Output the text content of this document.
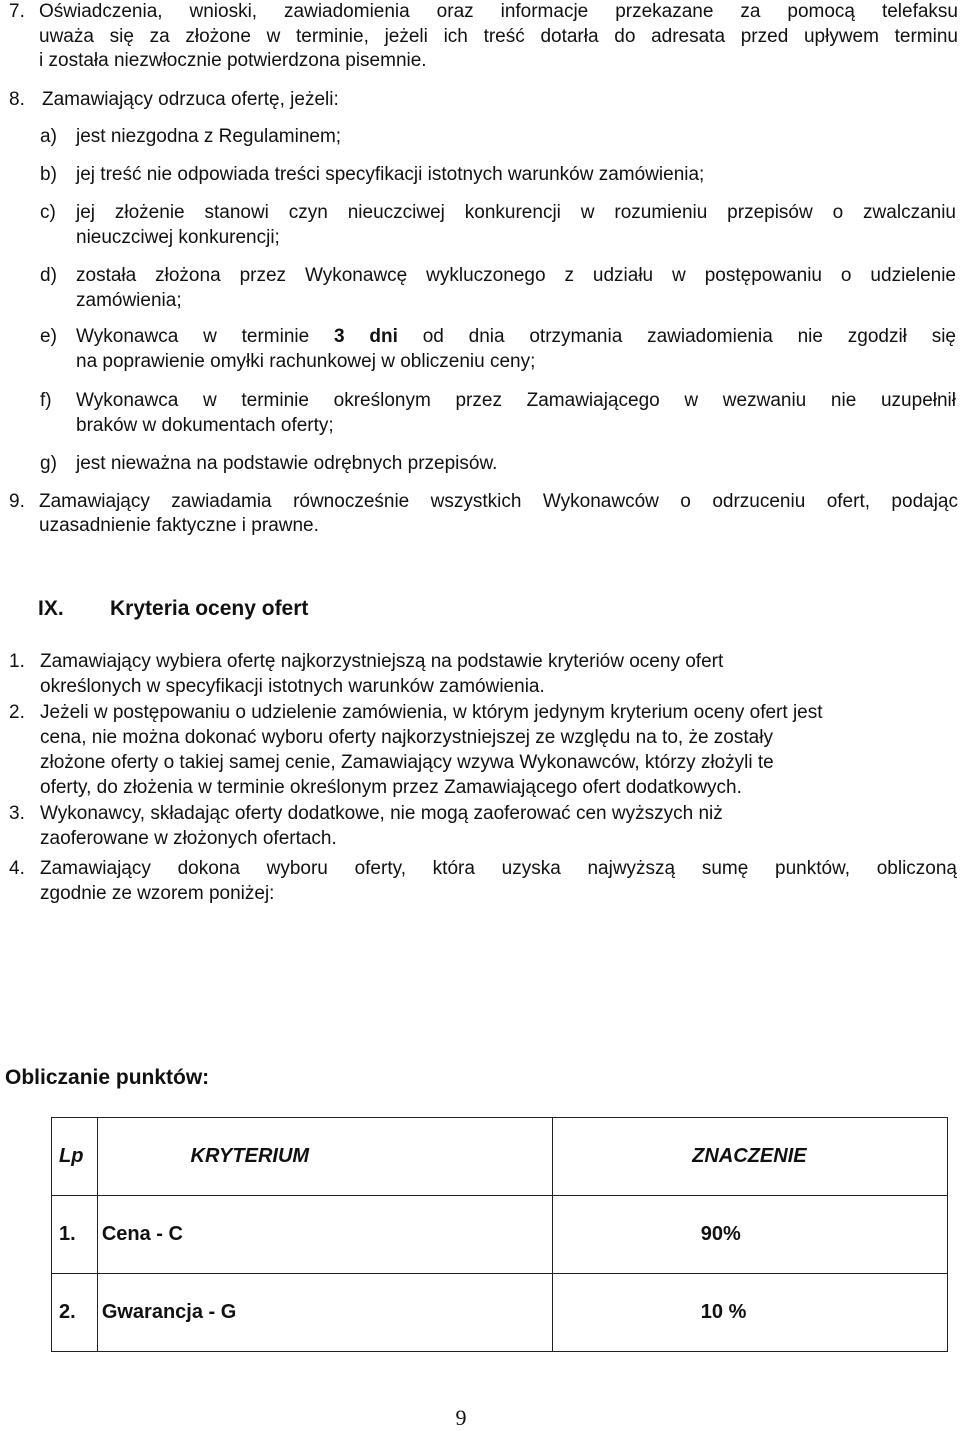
7. Oświadczenia, wnioski, zawiadomienia oraz informacje przekazane za pomocą telefaksu
uważa się za złożone w terminie, jeżeli ich treść dotarła do adresata przed upływem terminu
i została niezwłocznie potwierdzona pisemnie.
8. Zamawiający odrzuca ofertę, jeżeli:
a) jest niezgodna z Regulaminem;
b) jej treść nie odpowiada treści specyfikacji istotnych warunków zamówienia;
c) jej złożenie stanowi czyn nieuczciwej konkurencji w rozumieniu przepisów o zwalczaniu
nieuczciwej konkurencji;
d) została złożona przez Wykonawcę wykluczonego z udziału w postępowaniu o udzielenie
zamówienia;
e) Wykonawca w terminie 3 dni od dnia otrzymania zawiadomienia nie zgodził się
na poprawienie omyłki rachunkowej w obliczeniu ceny;
f) Wykonawca w terminie określonym przez Zamawiającego w wezwaniu nie uzupełnił
braków w dokumentach oferty;
g) jest nieważna na podstawie odrębnych przepisów.
9. Zamawiający zawiadamia równocześnie wszystkich Wykonawców o odrzuceniu ofert, podając
uzasadnienie faktyczne i prawne.
IX. Kryteria oceny ofert
1. Zamawiający wybiera ofertę najkorzystniejszą na podstawie kryteriów oceny ofert
określonych w specyfikacji istotnych warunków zamówienia.
2. Jeżeli w postępowaniu o udzielenie zamówienia, w którym jedynym kryterium oceny ofert jest
cena, nie można dokonać wyboru oferty najkorzystniejszej ze względu na to, że zostały
złożone oferty o takiej samej cenie, Zamawiający wzywa Wykonawców, którzy złożyli te
oferty, do złożenia w terminie określonym przez Zamawiającego ofert dodatkowych.
3. Wykonawcy, składając oferty dodatkowe, nie mogą zaoferować cen wyższych niż
zaoferowane w złożonych ofertach.
4. Zamawiający dokona wyboru oferty, która uzyska najwyższą sumę punktów, obliczoną
zgodnie ze wzorem poniżej:
Obliczanie punktów:
Lp	KRYTERIUM	ZNACZENIE
1.	Cena - C	90%
2.	Gwarancja - G	10 %
9
